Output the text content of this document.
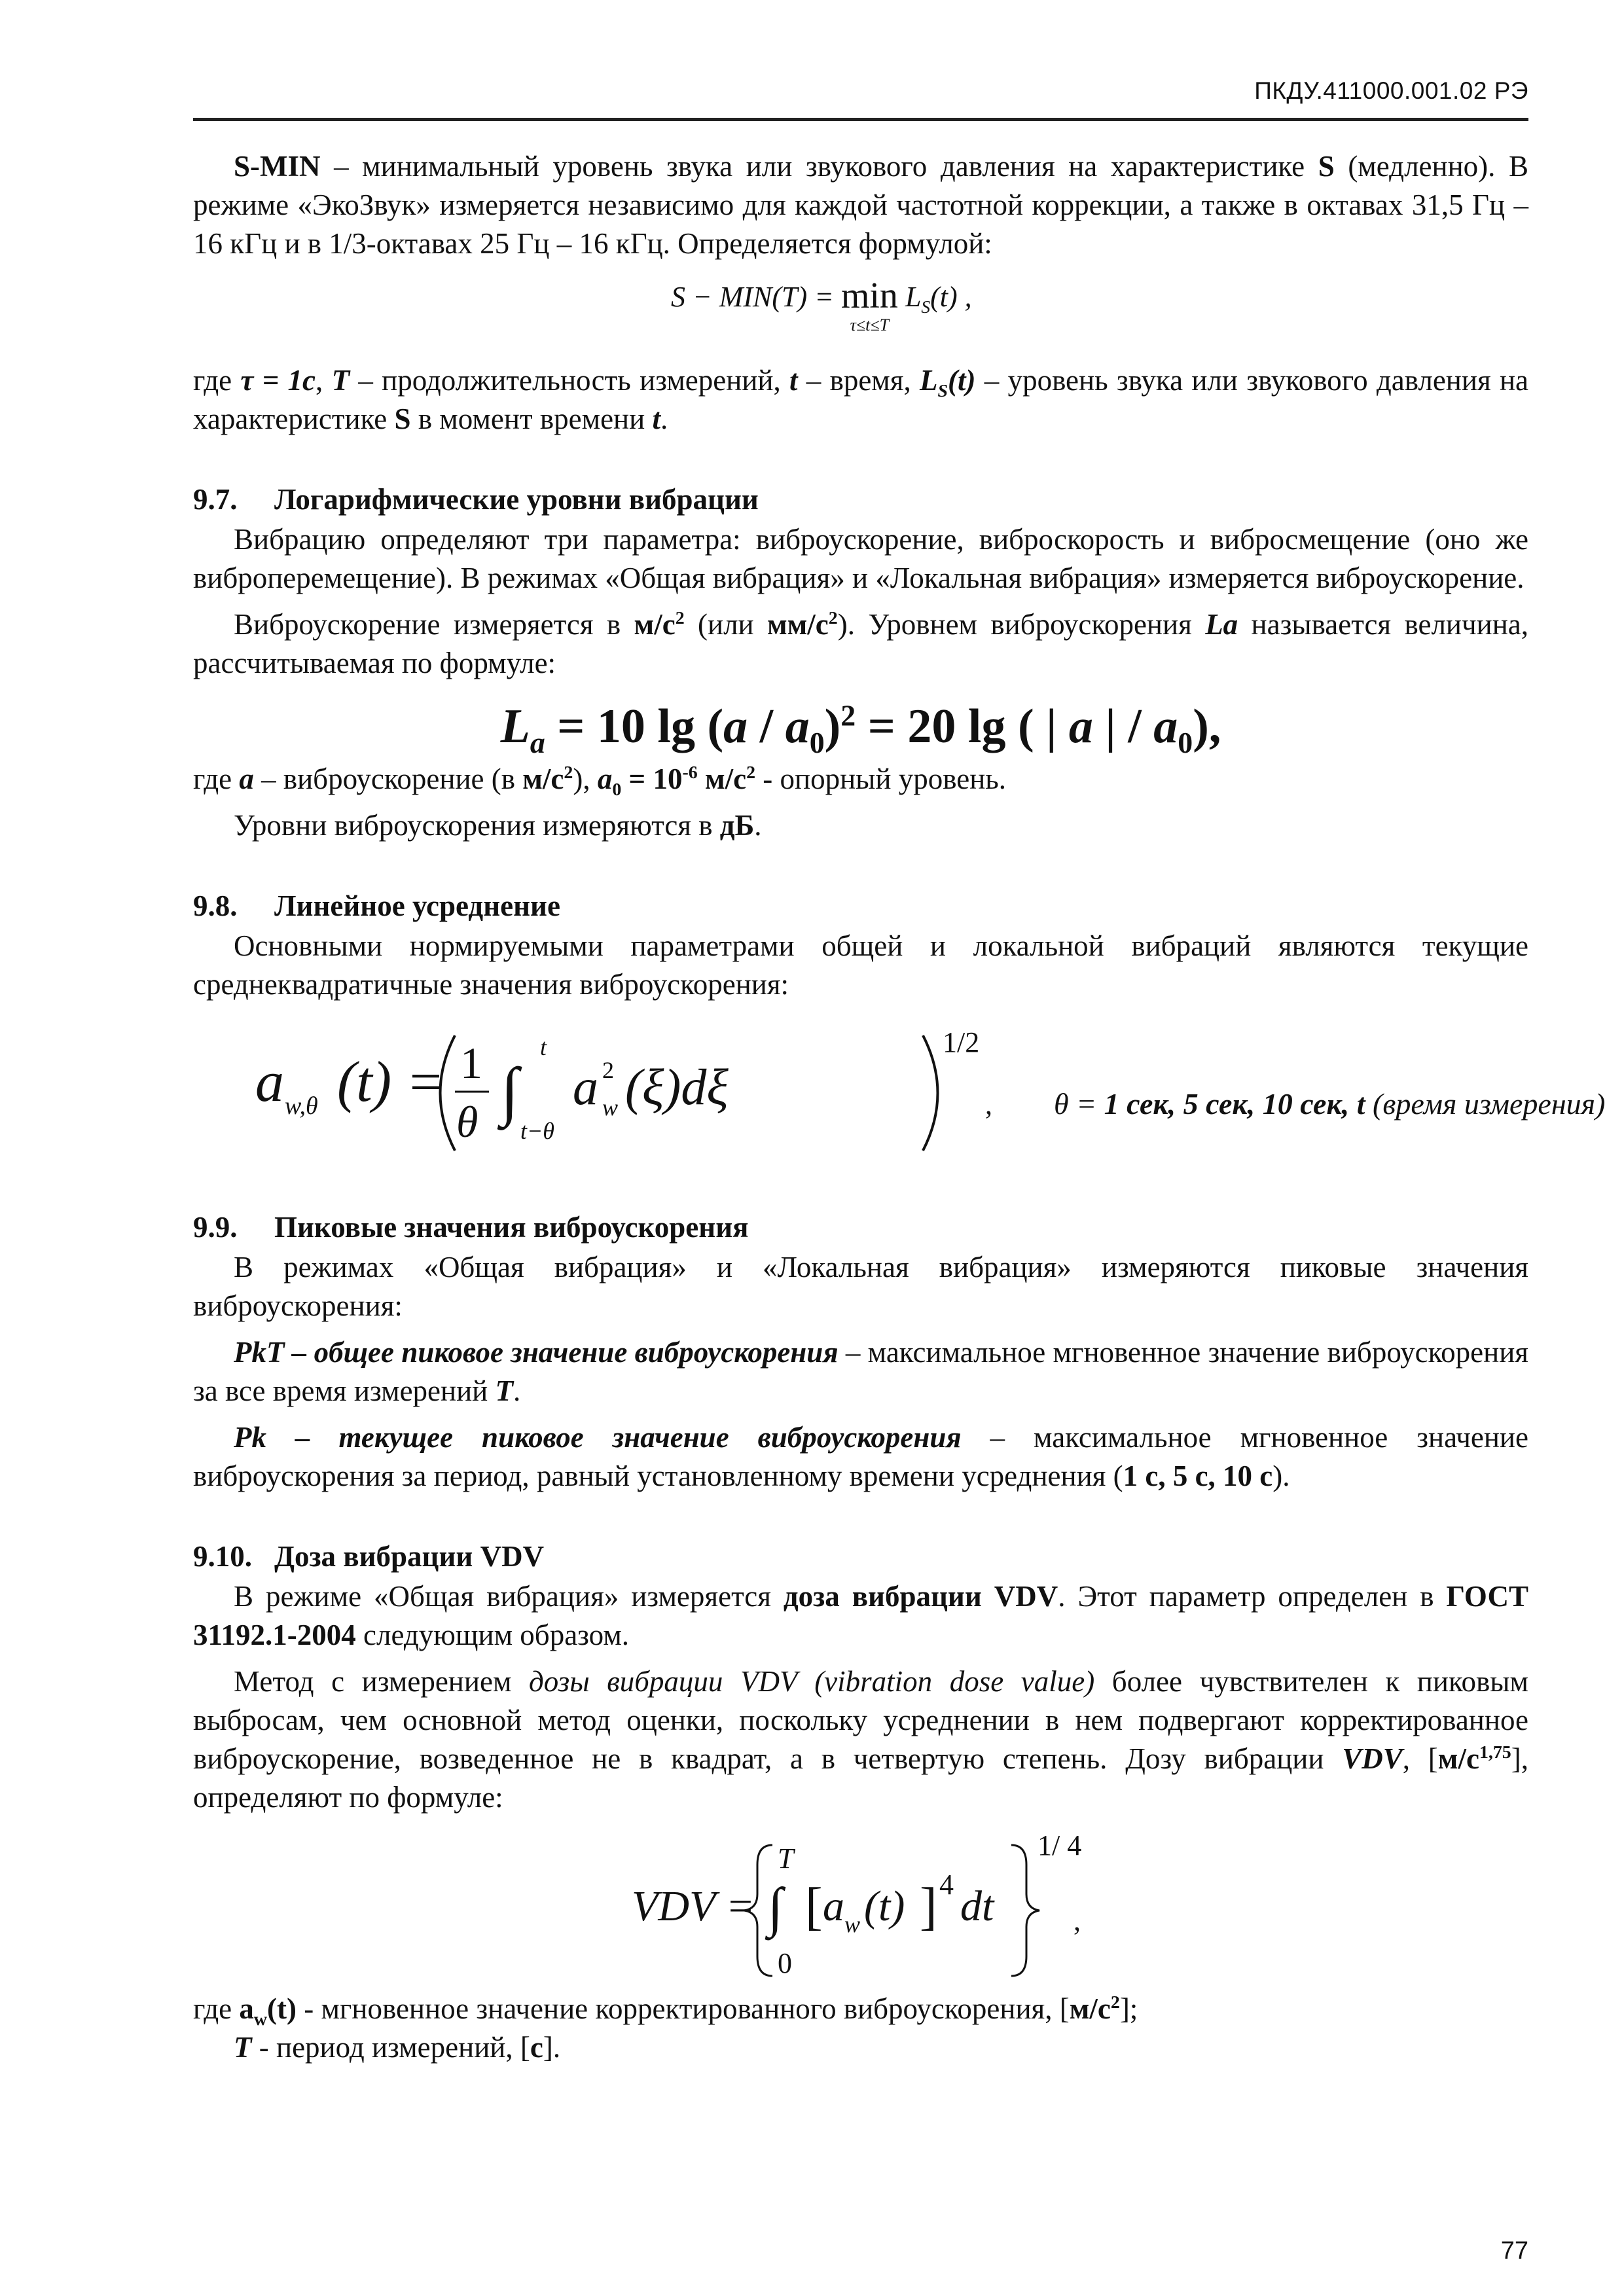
ПКДУ.411000.001.02 РЭ

S-MIN – минимальный уровень звука или звукового давления на характеристике S (медленно). В режиме «ЭкоЗвук» измеряется независимо для каждой частотной коррекции, а также в октавах 31,5 Гц – 16 кГц и в 1/3-октавах 25 Гц – 16 кГц. Определяется формулой:

S − MIN(T) = min
τ≤t≤T
$L_S(t)$ ,

где τ = 1с, T – продолжительность измерений, t – время, $L_S(t)$ – уровень звука или звукового давления на характеристике S в момент времени t.

9.7. Логарифмические уровни вибрации

Вибрацию определяют три параметра: виброускорение, виброскорость и вибросмещение (оно же виброперемещение). В режимах «Общая вибрация» и «Локальная вибрация» измеряется виброускорение.

Виброускорение измеряется в $м/с^2$ (или $мм/с^2$). Уровнем виброускорения La называется величина, рассчитываемая по формуле:

$L_a = 10$ $\lg (a / a_0)^2 = 20$ lg ( | a | / $a_0$),

где a – виброускорение (в $м/с^2$), $a_0 = 10^{-6}$ $м/с^2$ - опорный уровень.

Уровни виброускорения измеряются в дБ.

9.8. Линейное усреднение

Основными нормируемыми параметрами общей и локальной вибраций являются текущие среднеквадратичные значения виброускорения:

a w,θ (t) = 1
θ ∫
t
t−θ
a 2
w (ξ)dξ
1/2
, θ = 1 сек, 5 сек, 10 сек, t (время измерения)
9.9. Пиковые значения виброускорения

В режимах «Общая вибрация» и «Локальная вибрация» измеряются пиковые значения виброускорения:

PkT – общее пиковое значение виброускорения – максимальное мгновенное значение виброускорения за все время измерений T.

Pk – текущее пиковое значение виброускорения – максимальное мгновенное значение виброускорения за период, равный установленному времени усреднения (1 с, 5 с, 10 с).

9.10. Доза вибрации VDV

В режиме «Общая вибрация» измеряется доза вибрации VDV. Этот параметр определен в ГОСТ 31192.1-2004 следующим образом.

Метод с измерением дозы вибрации VDV (vibration dose value) более чувствителен к пиковым выбросам, чем основной метод оценки, поскольку усреднении в нем подвергают корректированное виброускорение, возведенное не в квадрат, а в четвертую степень. Дозу вибрации VDV, $[м/с^{1,75}]$, определяют по формуле:

VDV =
T
∫
0
[ a w (t) ] 4 dt
1/ 4
,

где $a_w(t)$ - мгновенное значение корректированного виброускорения, $[м/с^2]$;

T - период измерений, [с].

77
